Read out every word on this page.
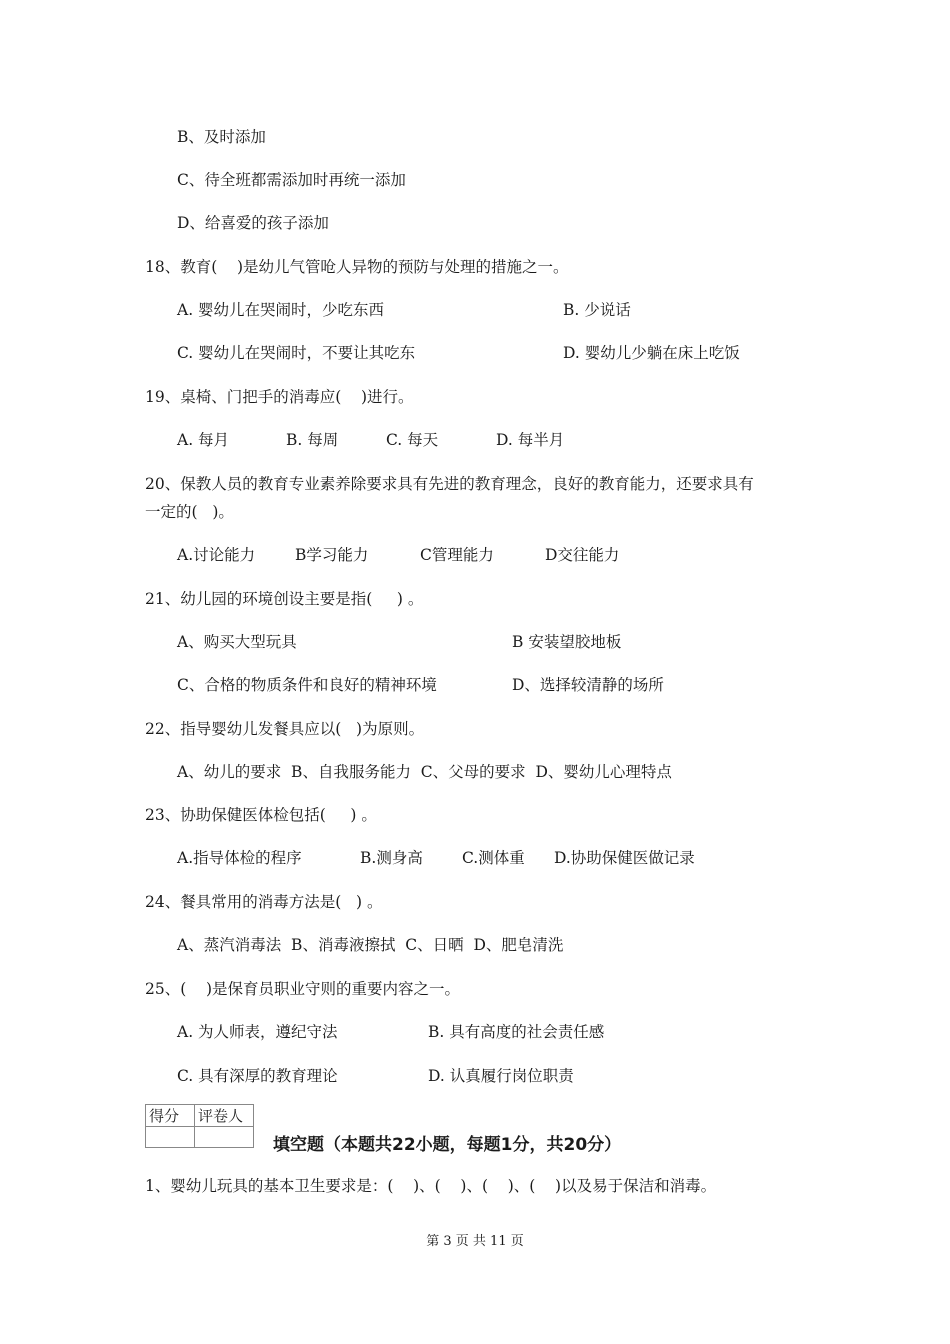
B、及时添加
C、待全班都需添加时再统一添加
D、给喜爱的孩子添加
18、教育(    )是幼儿气管呛人异物的预防与处理的措施之一。
A. 婴幼儿在哭闹时，少吃东西	B. 少说话
C. 婴幼儿在哭闹时，不要让其吃东	D. 婴幼儿少躺在床上吃饭
19、桌椅、门把手的消毒应(    )进行。
A. 每月	B. 每周	C. 每天	D. 每半月
20、保教人员的教育专业素养除要求具有先进的教育理念，良好的教育能力，还要求具有
一定的(   )。
A.讨论能力	B学习能力	C管理能力	D交往能力
21、幼儿园的环境创设主要是指(     ) 。
A、购买大型玩具	B 安装望胶地板
C、合格的物质条件和良好的精神环境	D、选择较清静的场所
22、指导婴幼儿发餐具应以(   )为原则。
A、幼儿的要求  B、自我服务能力  C、父母的要求  D、婴幼儿心理特点
23、协助保健医体检包括(     ) 。
A.指导体检的程序	B.测身高	C.测体重 D.协助保健医做记录
24、餐具常用的消毒方法是(   ) 。
A、蒸汽消毒法  B、消毒液擦拭  C、日晒  D、肥皂清洗
25、(    )是保育员职业守则的重要内容之一。
A. 为人师表，遵纪守法	B. 具有高度的社会责任感
C. 具有深厚的教育理论	D. 认真履行岗位职责
得分	评卷人

填空题（本题共22小题，每题1分，共20分）
1、婴幼儿玩具的基本卫生要求是：(    )、(    )、(    )、(    )以及易于保洁和消毒。
第 3 页 共 11 页
